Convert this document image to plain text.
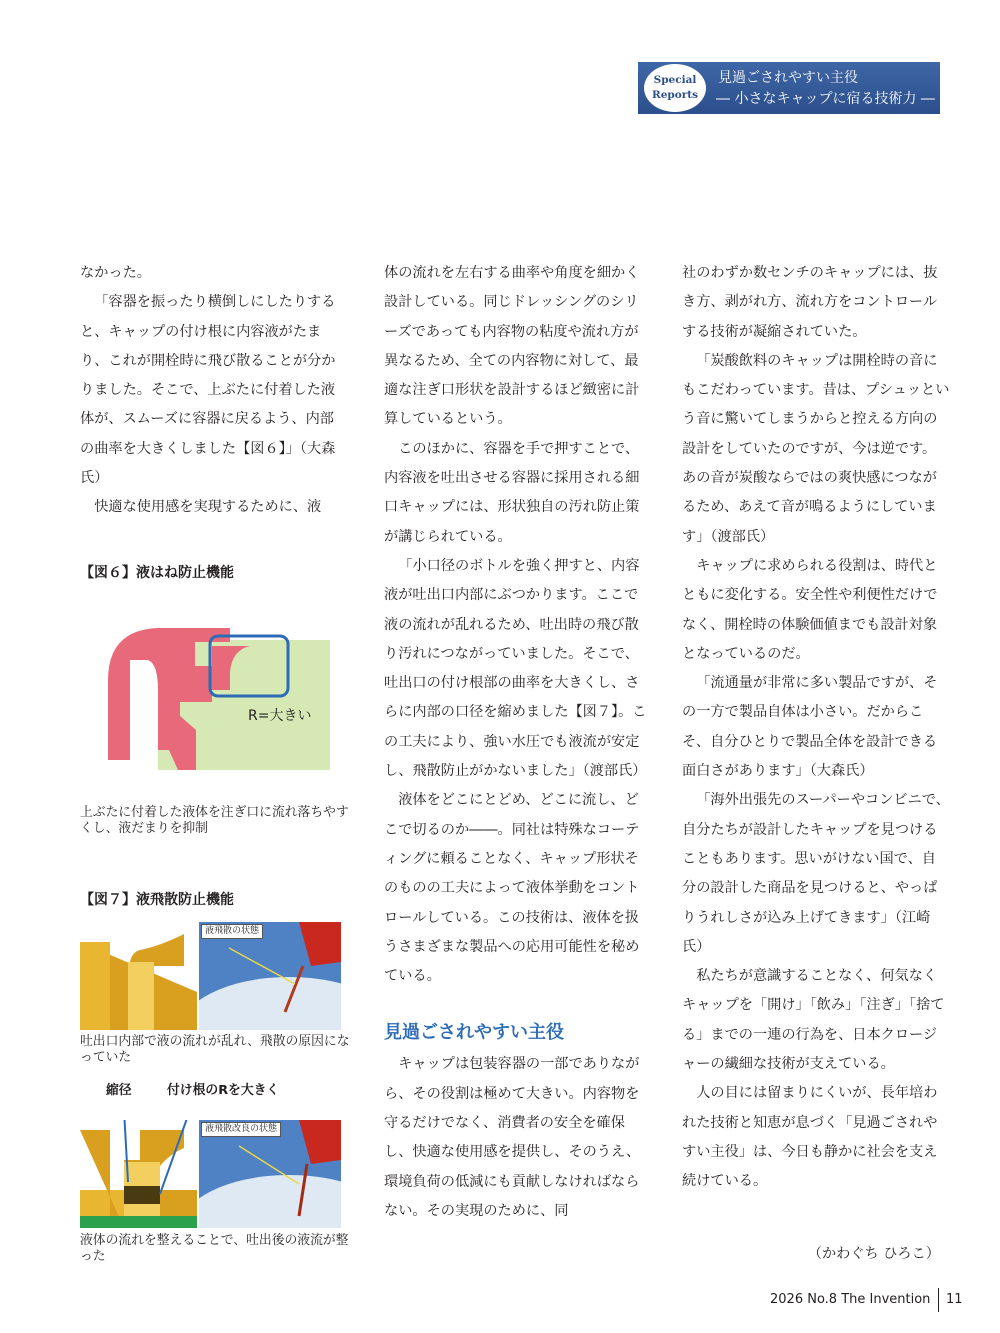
Special
Reports
見過ごされやすい主役
― 小さなキャップに宿る技術力 ―

なかった。

「容器を振ったり横倒しにしたりすると、キャップの付け根に内容液がたまり、これが開栓時に飛び散ることが分かりました。そこで、上ぶたに付着した液体が、スムーズに容器に戻るよう、内部の曲率を大きくしました【図６】」（大森氏）

快適な使用感を実現するために、液

【図６】液はね防止機能
R=大きい
上ぶたに付着した液体を注ぎ口に流れ落ちやすくし、液だまりを抑制
【図７】液飛散防止機能
液飛散の状態
吐出口内部で液の流れが乱れ、飛散の原因になっていた
縮径	付け根のRを大きく
液飛散改良の状態
液体の流れを整えることで、吐出後の液流が整った

体の流れを左右する曲率や角度を細かく設計している。同じドレッシングのシリーズであっても内容物の粘度や流れ方が異なるため、全ての内容物に対して、最適な注ぎ口形状を設計するほど緻密に計算しているという。

このほかに、容器を手で押すことで、内容液を吐出させる容器に採用される細口キャップには、形状独自の汚れ防止策が講じられている。

「小口径のボトルを強く押すと、内容液が吐出口内部にぶつかります。ここで液の流れが乱れるため、吐出時の飛び散り汚れにつながっていました。そこで、吐出口の付け根部の曲率を大きくし、さらに内部の口径を縮めました【図７】。この工夫により、強い水圧でも液流が安定し、飛散防止がかないました」（渡部氏）

液体をどこにとどめ、どこに流し、どこで切るのか――。同社は特殊なコーティングに頼ることなく、キャップ形状そのものの工夫によって液体挙動をコントロールしている。この技術は、液体を扱うさまざまな製品への応用可能性を秘めている。

見過ごされやすい主役

キャップは包装容器の一部でありながら、その役割は極めて大きい。内容物を守るだけでなく、消費者の安全を確保し、快適な使用感を提供し、そのうえ、環境負荷の低減にも貢献しなければならない。その実現のために、同

社のわずか数センチのキャップには、抜き方、剥がれ方、流れ方をコントロールする技術が凝縮されていた。

「炭酸飲料のキャップは開栓時の音にもこだわっています。昔は、プシュッという音に驚いてしまうからと控える方向の設計をしていたのですが、今は逆です。あの音が炭酸ならではの爽快感につながるため、あえて音が鳴るようにしています」（渡部氏）

キャップに求められる役割は、時代とともに変化する。安全性や利便性だけでなく、開栓時の体験価値までも設計対象となっているのだ。

「流通量が非常に多い製品ですが、その一方で製品自体は小さい。だからこそ、自分ひとりで製品全体を設計できる面白さがあります」（大森氏）

「海外出張先のスーパーやコンビニで、自分たちが設計したキャップを見つけることもあります。思いがけない国で、自分の設計した商品を見つけると、やっぱりうれしさが込み上げてきます」（江崎氏）

私たちが意識することなく、何気なくキャップを「開け」「飲み」「注ぎ」「捨てる」までの一連の行為を、日本クロージャーの繊細な技術が支えている。

人の目には留まりにくいが、長年培われた技術と知恵が息づく「見過ごされやすい主役」は、今日も静かに社会を支え続けている。

（かわぐち ひろこ）
2026 No.8 The Invention 11
